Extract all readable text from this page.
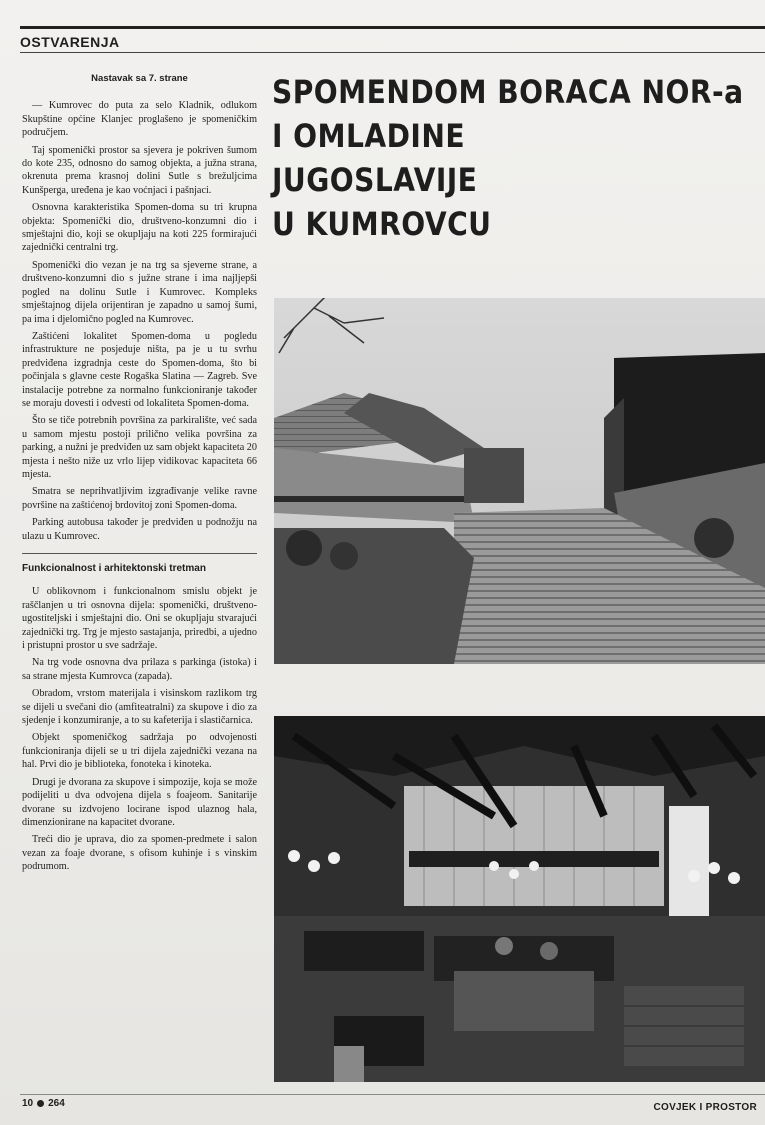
OSTVARENJA
Nastavak sa 7. strane

— Kumrovec do puta za selo Kladnik, odlukom Skupštine općine Klanjec proglašeno je spomeničkim područjem.

Taj spomenički prostor sa sjevera je pokriven šumom do kote 235, odnosno do samog objekta, a južna strana, okrenuta prema krasnoj dolini Sutle s brežuljcima Kunšperga, uređena je kao voćnjaci i pašnjaci.

Osnovna karakteristika Spomen-doma su tri krupna objekta: Spomenički dio, društveno-konzumni dio i smještajni dio, koji se okupljaju na koti 225 formirajući zajednički centralni trg.

Spomenički dio vezan je na trg sa sjeverne strane, a društveno-konzumni dio s južne strane i ima najljepši pogled na dolinu Sutle i Kumrovec. Kompleks smještajnog dijela orijentiran je zapadno u samoj šumi, pa ima i djelomično pogled na Kumrovec.

Zaštićeni lokalitet Spomen-doma u pogledu infrastrukture ne posjeduje ništa, pa je u tu svrhu predviđena izgradnja ceste do Spomen-doma, što bi počinjala s glavne ceste Rogaška Slatina — Zagreb. Sve instalacije potrebne za normalno funkcioniranje također se moraju dovesti i odvesti od lokaliteta Spomen-doma.

Što se tiče potrebnih površina za parkiralište, već sada u samom mjestu postoji prilično velika površina za parking, a nužni je predviđen uz sam objekt kapaciteta 20 mjesta i nešto niže uz vrlo lijep vidikovac kapaciteta 66 mjesta.

Smatra se neprihvatljivim izgrađivanje velike ravne površine na zaštićenoj brdovitoj zoni Spomen-doma.

Parking autobusa također je predviđen u podnožju na ulazu u Kumrovec.

Funkcionalnost i arhitektonski tretman

U oblikovnom i funkcionalnom smislu objekt je raščlanjen u tri osnovna dijela: spomenički, društveno-ugostiteljski i smještajni dio. Oni se okupljaju stvarajući zajednički trg. Trg je mjesto sastajanja, priredbi, a ujedno i pristupni prostor u sve sadržaje.

Na trg vode osnovna dva prilaza s parkinga (istoka) i sa strane mjesta Kumrovca (zapada).

Obradom, vrstom materijala i visinskom razlikom trg se dijeli u svečani dio (amfiteatralni) za skupove i dio za sjedenje i konzumiranje, a to su kafeterija i slastičarnica.

Objekt spomeničkog sadržaja po odvojenosti funkcioniranja dijeli se u tri dijela zajednički vezana na hal. Prvi dio je biblioteka, fonoteka i kinoteka.

Drugi je dvorana za skupove i simpozije, koja se može podijeliti u dva odvojena dijela s foajeom. Sanitarije dvorane su izdvojeno locirane ispod ulaznog hala, dimenzionirane na kapacitet dvorane.

Treći dio je uprava, dio za spomen-predmete i salon vezan za foaje dvorane, s ofisom kuhinje i s vinskim podrumom.

SPOMENDOM BORACA NOR-a
I OMLADINE
JUGOSLAVIJE
U KUMROVCU
10 264	COVJEK I PROSTOR
